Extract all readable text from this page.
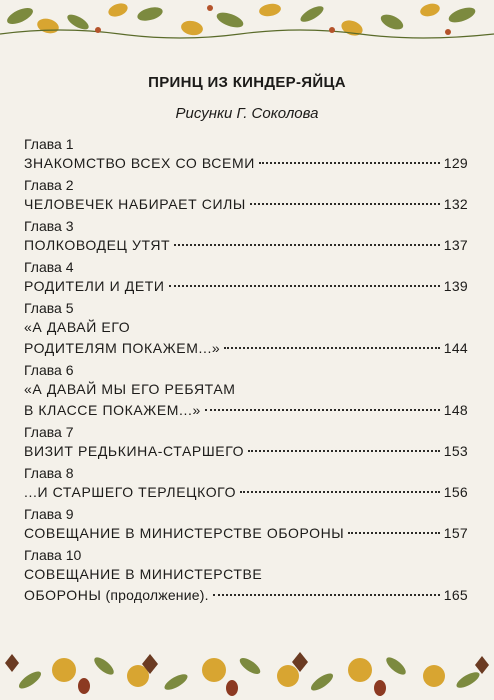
ПРИНЦ ИЗ КИНДЕР-ЯЙЦА
Рисунки Г. Соколова
Глава 1
ЗНАКОМСТВО ВСЕХ СО ВСЕМИ	129
Глава 2
ЧЕЛОВЕЧЕК НАБИРАЕТ СИЛЫ	132
Глава 3
ПОЛКОВОДЕЦ УТЯТ	137
Глава 4
РОДИТЕЛИ И ДЕТИ	139
Глава 5
«А ДАВАЙ ЕГО
РОДИТЕЛЯМ ПОКАЖЕМ...»	144
Глава 6
«А ДАВАЙ МЫ ЕГО РЕБЯТАМ
В КЛАССЕ ПОКАЖЕМ...»	148
Глава 7
ВИЗИТ РЕДЬКИНА-СТАРШЕГО	153
Глава 8
...И СТАРШЕГО ТЕРЛЕЦКОГО	156
Глава 9
СОВЕЩАНИЕ В МИНИСТЕРСТВЕ ОБОРОНЫ	157
Глава 10
СОВЕЩАНИЕ В МИНИСТЕРСТВЕ
ОБОРОНЫ (продолжение).	165
